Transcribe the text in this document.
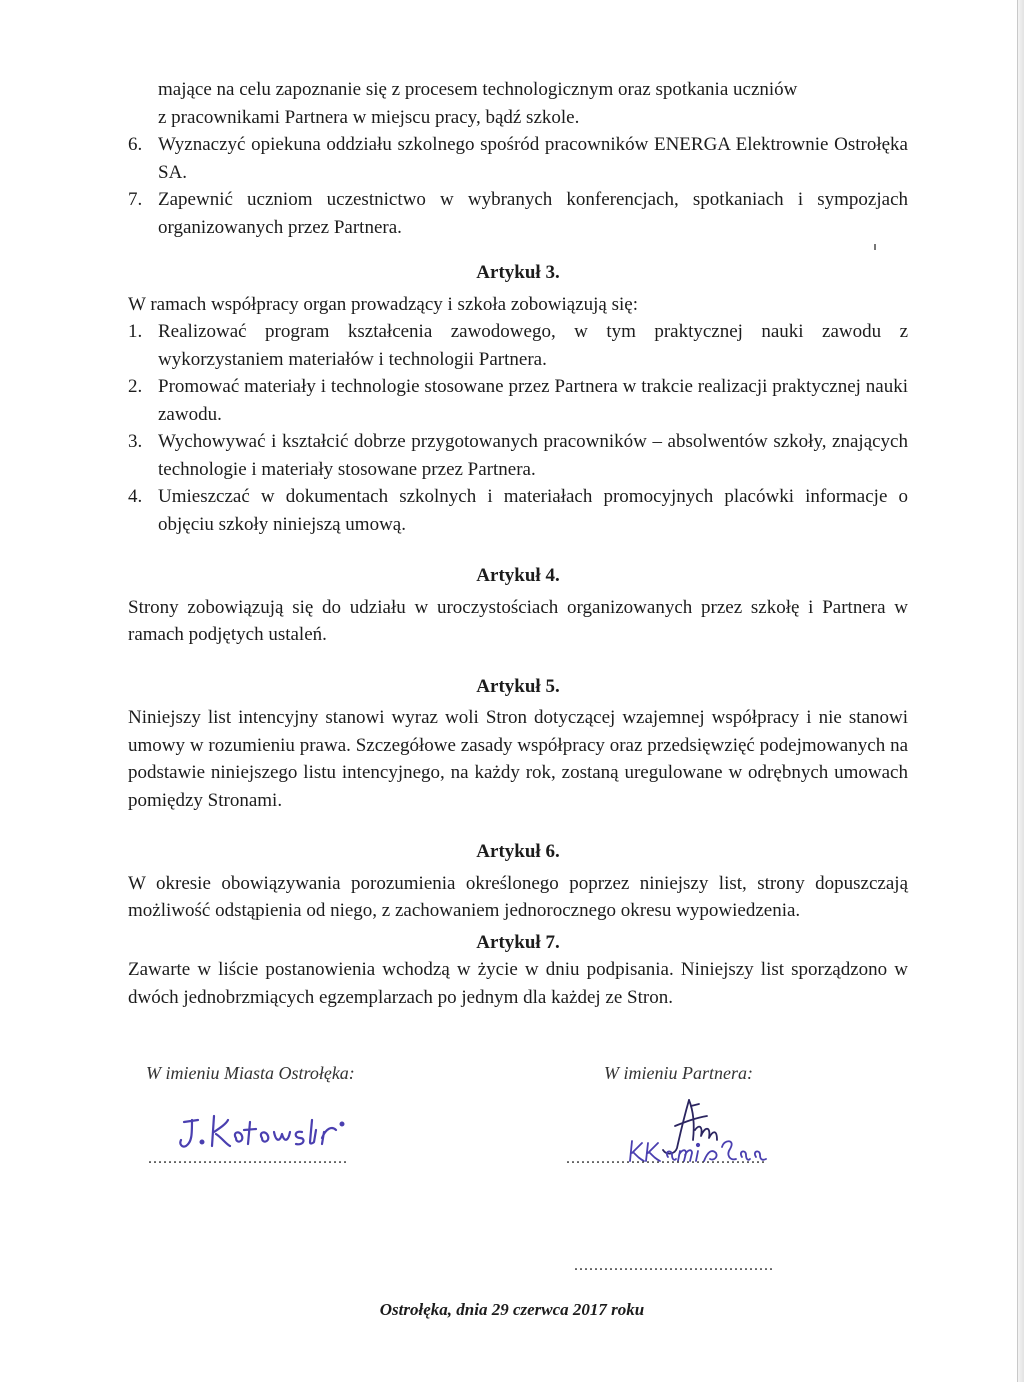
mające na celu zapoznanie się z procesem technologicznym oraz spotkania uczniów
z pracownikami Partnera w miejscu pracy, bądź szkole.
6. Wyznaczyć opiekuna oddziału szkolnego spośród pracowników ENERGA Elektrownie Ostrołęka SA.
7. Zapewnić uczniom uczestnictwo w wybranych konferencjach, spotkaniach i sympozjach organizowanych przez Partnera.
Artykuł 3.
W ramach współpracy organ prowadzący i szkoła zobowiązują się:
1. Realizować program kształcenia zawodowego, w tym praktycznej nauki zawodu z wykorzystaniem materiałów i technologii Partnera.
2. Promować materiały i technologie stosowane przez Partnera w trakcie realizacji praktycznej nauki zawodu.
3. Wychowywać i kształcić dobrze przygotowanych pracowników – absolwentów szkoły, znających technologie i materiały stosowane przez Partnera.
4. Umieszczać w dokumentach szkolnych i materiałach promocyjnych placówki informacje o objęciu szkoły niniejszą umową.
Artykuł 4.
Strony zobowiązują się do udziału w uroczystościach organizowanych przez szkołę i Partnera w ramach podjętych ustaleń.
Artykuł 5.
Niniejszy list intencyjny stanowi wyraz woli Stron dotyczącej wzajemnej współpracy i nie stanowi umowy w rozumieniu prawa. Szczegółowe zasady współpracy oraz przedsięwzięć podejmowanych na podstawie niniejszego listu intencyjnego, na każdy rok, zostaną uregulowane w odrębnych umowach pomiędzy Stronami.
Artykuł 6.
W okresie obowiązywania porozumienia określonego poprzez niniejszy list, strony dopuszczają możliwość odstąpienia od niego, z zachowaniem jednorocznego okresu wypowiedzenia.
Artykuł 7.
Zawarte w liście postanowienia wchodzą w życie w dniu podpisania. Niniejszy list sporządzono w dwóch jednobrzmiących egzemplarzach po jednym dla każdej ze Stron.
W imieniu Miasta Ostrołęka:	W imieniu Partnera:
........................................	........................................
........................................
Ostrołęka, dnia 29 czerwca 2017 roku
